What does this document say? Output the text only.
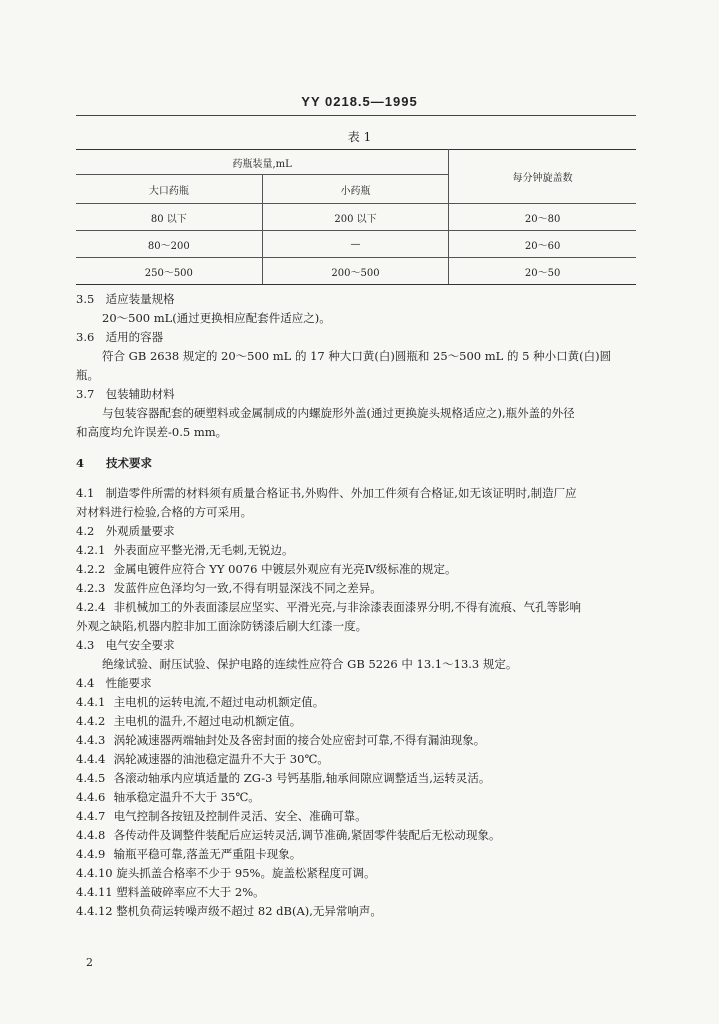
YY 0218.5—1995
表 1
药瓶装量,mL		每分钟旋盖数
大口药瓶	小药瓶	
80 以下	200 以下	20～80
80～200	—	20～60
250～500	200～500	20～50
3.5 适应装量规格
20～500 mL(通过更换相应配套件适应之)。
3.6 适用的容器
符合 GB 2638 规定的 20～500 mL 的 17 种大口黄(白)圆瓶和 25～500 mL 的 5 种小口黄(白)圆
瓶。
3.7 包装辅助材料
与包装容器配套的硬塑料或金属制成的内螺旋形外盖(通过更换旋头规格适应之),瓶外盖的外径
和高度均允许误差-0.5 mm。
4 技术要求
4.1 制造零件所需的材料须有质量合格证书,外购件、外加工件须有合格证,如无该证明时,制造厂应
对材料进行检验,合格的方可采用。
4.2 外观质量要求
4.2.1 外表面应平整光滑,无毛刺,无锐边。
4.2.2 金属电镀件应符合 YY 0076 中镀层外观应有光亮Ⅳ级标准的规定。
4.2.3 发蓝件应色泽均匀一致,不得有明显深浅不同之差异。
4.2.4 非机械加工的外表面漆层应坚实、平滑光亮,与非涂漆表面漆界分明,不得有流痕、气孔等影响
外观之缺陷,机器内腔非加工面涂防锈漆后刷大红漆一度。
4.3 电气安全要求
绝缘试验、耐压试验、保护电路的连续性应符合 GB 5226 中 13.1～13.3 规定。
4.4 性能要求
4.4.1 主电机的运转电流,不超过电动机额定值。
4.4.2 主电机的温升,不超过电动机额定值。
4.4.3 涡轮减速器两端轴封处及各密封面的接合处应密封可靠,不得有漏油现象。
4.4.4 涡轮减速器的油池稳定温升不大于 30℃。
4.4.5 各滚动轴承内应填适量的 ZG-3 号钙基脂,轴承间隙应调整适当,运转灵活。
4.4.6 轴承稳定温升不大于 35℃。
4.4.7 电气控制各按钮及控制件灵活、安全、准确可靠。
4.4.8 各传动件及调整件装配后应运转灵活,调节准确,紧固零件装配后无松动现象。
4.4.9 输瓶平稳可靠,落盖无严重阻卡现象。
4.4.10 旋头抓盖合格率不少于 95%。旋盖松紧程度可调。
4.4.11 塑料盖破碎率应不大于 2%。
4.4.12 整机负荷运转噪声级不超过 82 dB(A),无异常响声。
2
